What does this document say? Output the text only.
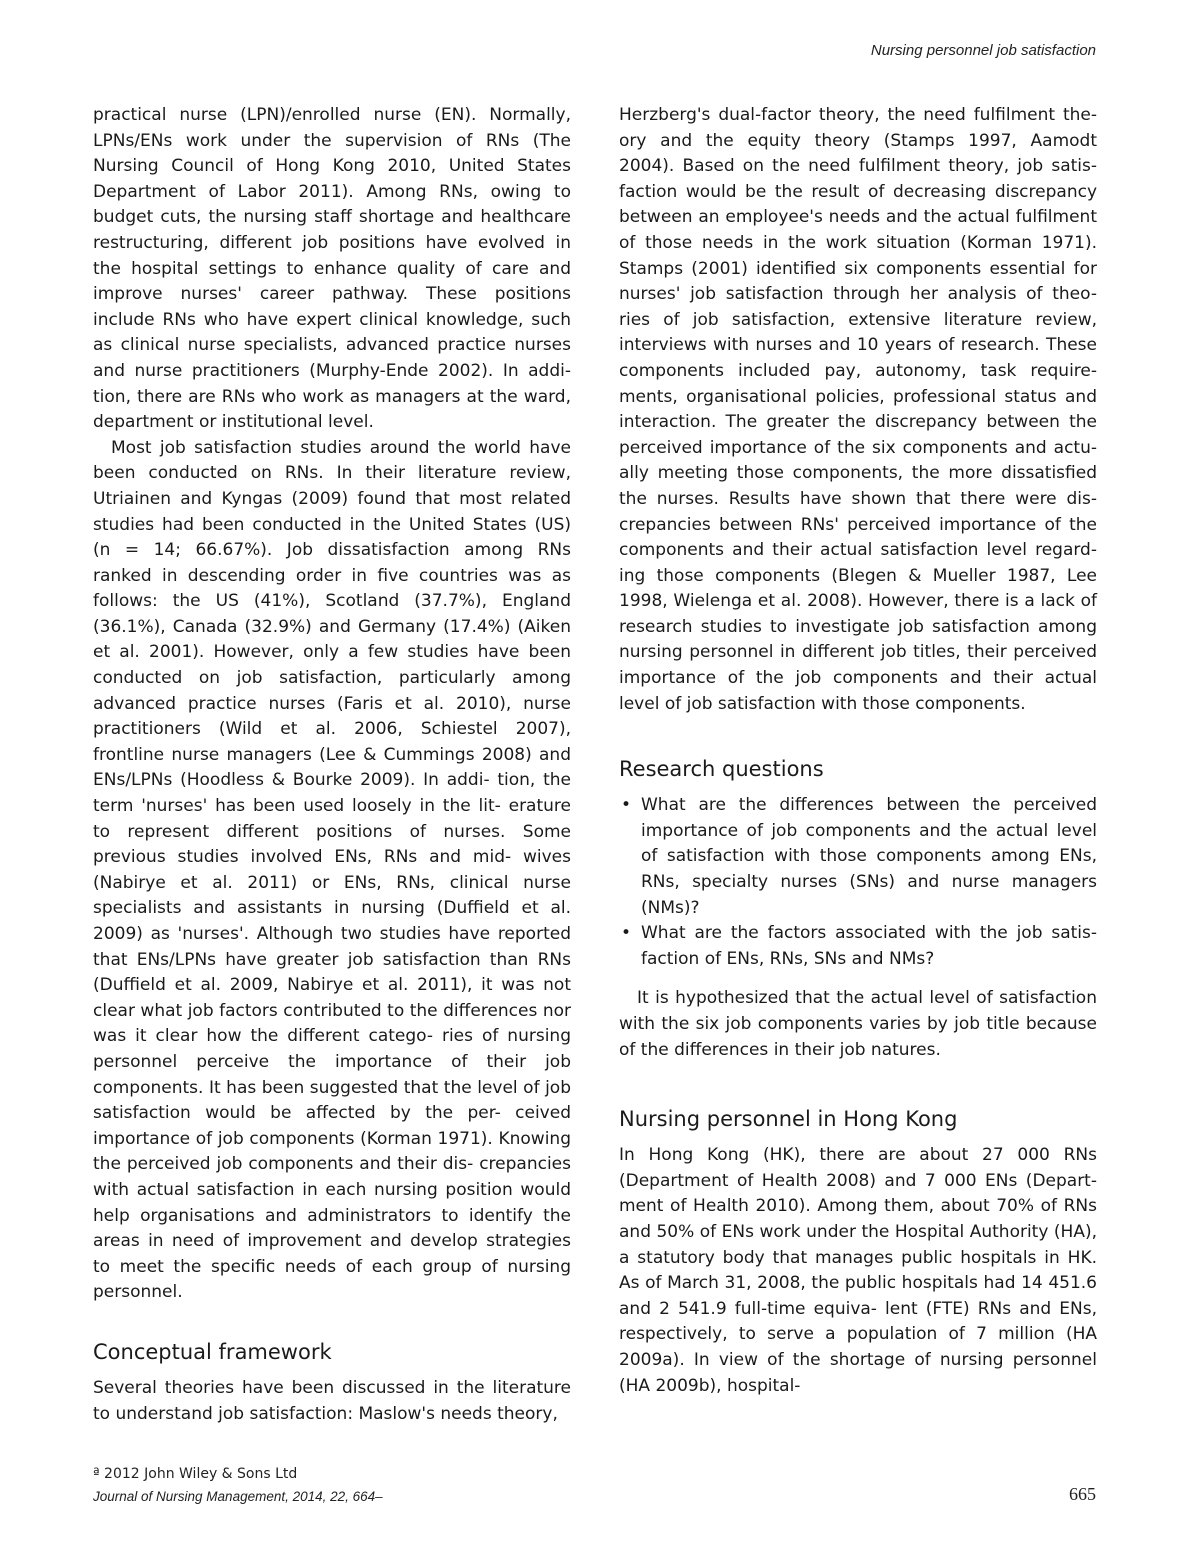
Nursing personnel job satisfaction

practical nurse (LPN)/enrolled nurse (EN). Normally, LPNs/ENs work under the supervision of RNs (The Nursing Council of Hong Kong 2010, United States Department of Labor 2011). Among RNs, owing to budget cuts, the nursing staff shortage and healthcare restructuring, different job positions have evolved in the hospital settings to enhance quality of care and improve nurses' career pathway. These positions include RNs who have expert clinical knowledge, such as clinical nurse specialists, advanced practice nurses and nurse practitioners (Murphy-Ende 2002). In addi- tion, there are RNs who work as managers at the ward, department or institutional level.

Most job satisfaction studies around the world have been conducted on RNs. In their literature review, Utriainen and Kyngas (2009) found that most related studies had been conducted in the United States (US) (n = 14; 66.67%). Job dissatisfaction among RNs ranked in descending order in five countries was as follows: the US (41%), Scotland (37.7%), England (36.1%), Canada (32.9%) and Germany (17.4%) (Aiken et al. 2001). However, only a few studies have been conducted on job satisfaction, particularly among advanced practice nurses (Faris et al. 2010), nurse practitioners (Wild et al. 2006, Schiestel 2007), frontline nurse managers (Lee & Cummings 2008) and ENs/LPNs (Hoodless & Bourke 2009). In addi- tion, the term 'nurses' has been used loosely in the lit- erature to represent different positions of nurses. Some previous studies involved ENs, RNs and mid- wives (Nabirye et al. 2011) or ENs, RNs, clinical nurse specialists and assistants in nursing (Duffield et al. 2009) as 'nurses'. Although two studies have reported that ENs/LPNs have greater job satisfaction than RNs (Duffield et al. 2009, Nabirye et al. 2011), it was not clear what job factors contributed to the differences nor was it clear how the different catego- ries of nursing personnel perceive the importance of their job components. It has been suggested that the level of job satisfaction would be affected by the per- ceived importance of job components (Korman 1971). Knowing the perceived job components and their dis- crepancies with actual satisfaction in each nursing position would help organisations and administrators to identify the areas in need of improvement and develop strategies to meet the specific needs of each group of nursing personnel.

Conceptual framework

Several theories have been discussed in the literature to understand job satisfaction: Maslow's needs theory,

Herzberg's dual-factor theory, the need fulfilment the- ory and the equity theory (Stamps 1997, Aamodt 2004). Based on the need fulfilment theory, job satis- faction would be the result of decreasing discrepancy between an employee's needs and the actual fulfilment of those needs in the work situation (Korman 1971). Stamps (2001) identified six components essential for nurses' job satisfaction through her analysis of theo- ries of job satisfaction, extensive literature review, interviews with nurses and 10 years of research. These components included pay, autonomy, task require- ments, organisational policies, professional status and interaction. The greater the discrepancy between the perceived importance of the six components and actu- ally meeting those components, the more dissatisfied the nurses. Results have shown that there were dis- crepancies between RNs' perceived importance of the components and their actual satisfaction level regard- ing those components (Blegen & Mueller 1987, Lee 1998, Wielenga et al. 2008). However, there is a lack of research studies to investigate job satisfaction among nursing personnel in different job titles, their perceived importance of the job components and their actual level of job satisfaction with those components.

Research questions
• What are the differences between the perceived importance of job components and the actual level of satisfaction with those components among ENs, RNs, specialty nurses (SNs) and nurse managers (NMs)?
• What are the factors associated with the job satis- faction of ENs, RNs, SNs and NMs?

It is hypothesized that the actual level of satisfaction with the six job components varies by job title because of the differences in their job natures.

Nursing personnel in Hong Kong

In Hong Kong (HK), there are about 27 000 RNs (Department of Health 2008) and 7 000 ENs (Depart- ment of Health 2010). Among them, about 70% of RNs and 50% of ENs work under the Hospital Authority (HA), a statutory body that manages public hospitals in HK. As of March 31, 2008, the public hospitals had 14 451.6 and 2 541.9 full-time equiva- lent (FTE) RNs and ENs, respectively, to serve a population of 7 million (HA 2009a). In view of the shortage of nursing personnel (HA 2009b), hospital-

ª 2012 John Wiley & Sons Ltd
Journal of Nursing Management, 2014, 22, 664–	665
